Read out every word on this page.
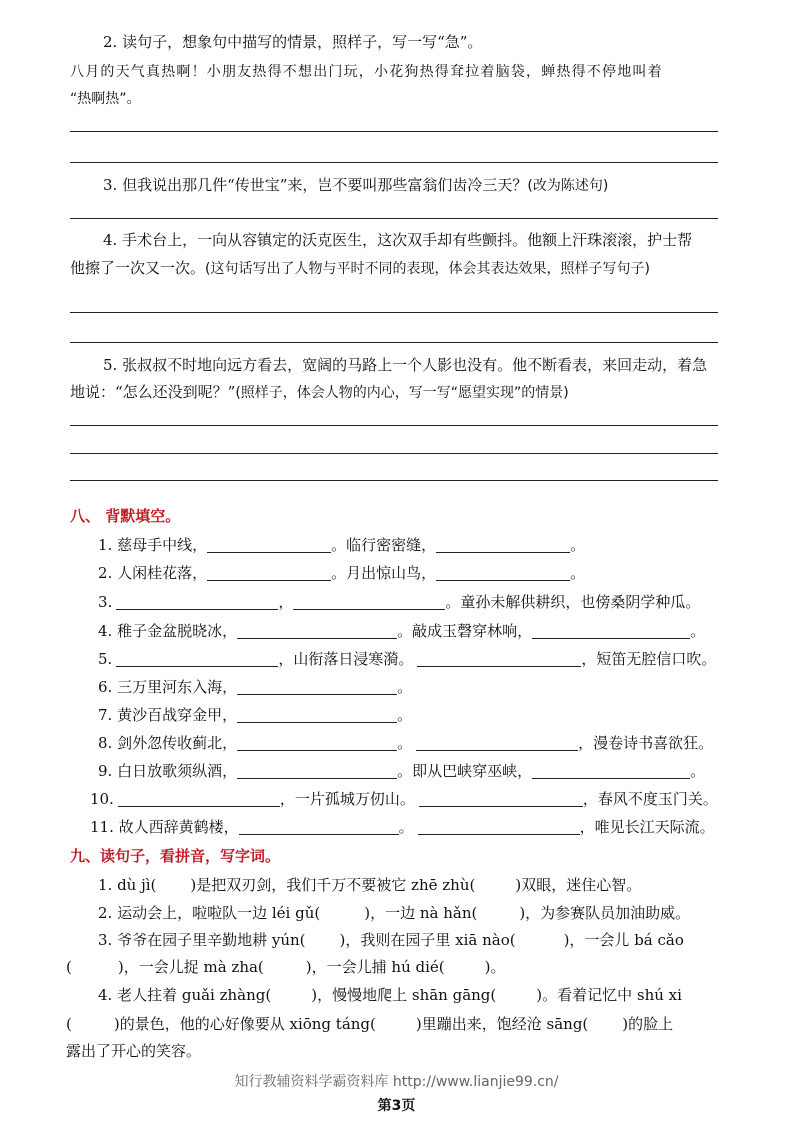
2. 读句子，想象句中描写的情景，照样子，写一写“急”。
八月的天气真热啊！小朋友热得不想出门玩，小花狗热得耷拉着脑袋，蝉热得不停地叫着
“热啊热”。
3. 但我说出那几件“传世宝”来，岂不要叫那些富翁们齿冷三天？(改为陈述句)
4. 手术台上，一向从容镇定的沃克医生，这次双手却有些颤抖。他额上汗珠滚滚，护士帮
他擦了一次又一次。(这句话写出了人物与平时不同的表现，体会其表达效果，照样子写句子)
5. 张叔叔不时地向远方看去，宽阔的马路上一个人影也没有。他不断看表，来回走动，着急
地说：“怎么还没到呢？”(照样子，体会人物的内心，写一写“愿望实现”的情景)
八、 背默填空。
1. 慈母手中线，	。临行密密缝，	。
2. 人闲桂花落，	。月出惊山鸟，	。
3.	，	。童孙未解供耕织，也傍桑阴学种瓜。
4. 稚子金盆脱晓冰，	。敲成玉磬穿林响，	。
5.	，山衔落日浸寒漪。	，短笛无腔信口吹。
6. 三万里河东入海，	。
7. 黄沙百战穿金甲，	。
8. 剑外忽传收蓟北，	。	，漫卷诗书喜欲狂。
9. 白日放歌须纵酒，	。即从巴峡穿巫峡，	。
10.	，一片孤城万仞山。	，春风不度玉门关。
11. 故人西辞黄鹤楼，	。	，唯见长江天际流。
九、读句子，看拼音，写字词。
1. dù jì( )是把双刃剑，我们千万不要被它 zhē zhù(	)双眼，迷住心智。
2. 运动会上，啦啦队一边 léi gǔ(	)，一边 nà hǎn(	)，为参赛队员加油助威。
3. 爷爷在园子里辛勤地耕 yún( )，我则在园子里 xiā nào(	)，一会儿 bá cǎo
(	)，一会儿捉 mà zha(	)，一会儿捕 hú dié(	)。
4. 老人拄着 guǎi zhàng(	)，慢慢地爬上 shān gāng(	)。看着记忆中 shú xi
(	)的景色，他的心好像要从 xiōng táng(	)里蹦出来，饱经沧 sāng( )的脸上
露出了开心的笑容。
知行教辅资料学霸资料库 http://www.lianjie99.cn/
第3页
